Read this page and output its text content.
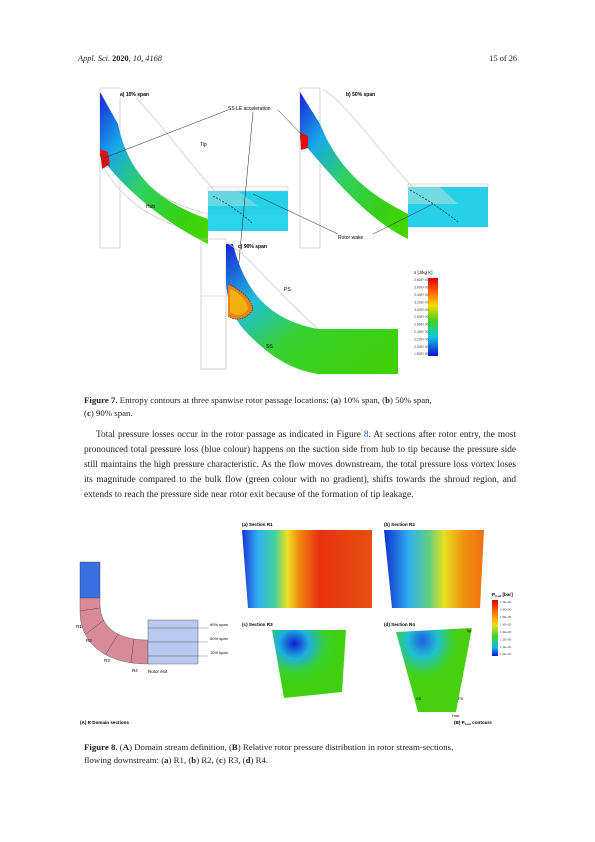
Appl. Sci. 2020, 10, 4168	15 of 26
a) 10% span
Tip
Hub
b) 50% span
SS LE acceleration
Rotor wake
c) 90% span
PS
SS
s [J/kg K]
3.80E+00
3.60E+00
3.40E+00
3.20E+00
3.00E+00
2.80E+00
2.60E+00
2.40E+00
2.20E+00
2.00E+00
1.80E+00
Figure 7. Entropy contours at three spanwise rotor passage locations: (a) 10% span, (b) 50% span,
(c) 90% span.
Total pressure losses occur in the rotor passage as indicated in Figure 8. At sections after rotor entry, the most pronounced total pressure loss (blue colour) happens on the suction side from hub to tip because the pressure side still maintains the high pressure characteristic. As the flow moves downstream, the total pressure loss vortex loses its magnitude compared to the bulk flow (green colour with no gradient), shifts towards the shroud region, and extends to reach the pressure side near rotor exit because of the formation of tip leakage.
R1
R2
R3
R4 Rotor exit
90% span
50% span
10% span
(a) Section R1	(b) Section R2
(c) Section R3	(d) Section R4
Tip
SS	PS
Hub
$P_{0,rel}$ [bar]
1.7E+00
1.6E+00
1.5E+00
1.4E+00
1.3E+00
1.2E+00
1.1E+00
1.0E+00
(A) R Domain sections	(B) $P_{0,rel}$ contours
Figure 8. (A) Domain stream definition, (B) Relative rotor pressure distribution in rotor stream-sections,
flowing downstream: (a) R1, (b) R2, (c) R3, (d) R4.
